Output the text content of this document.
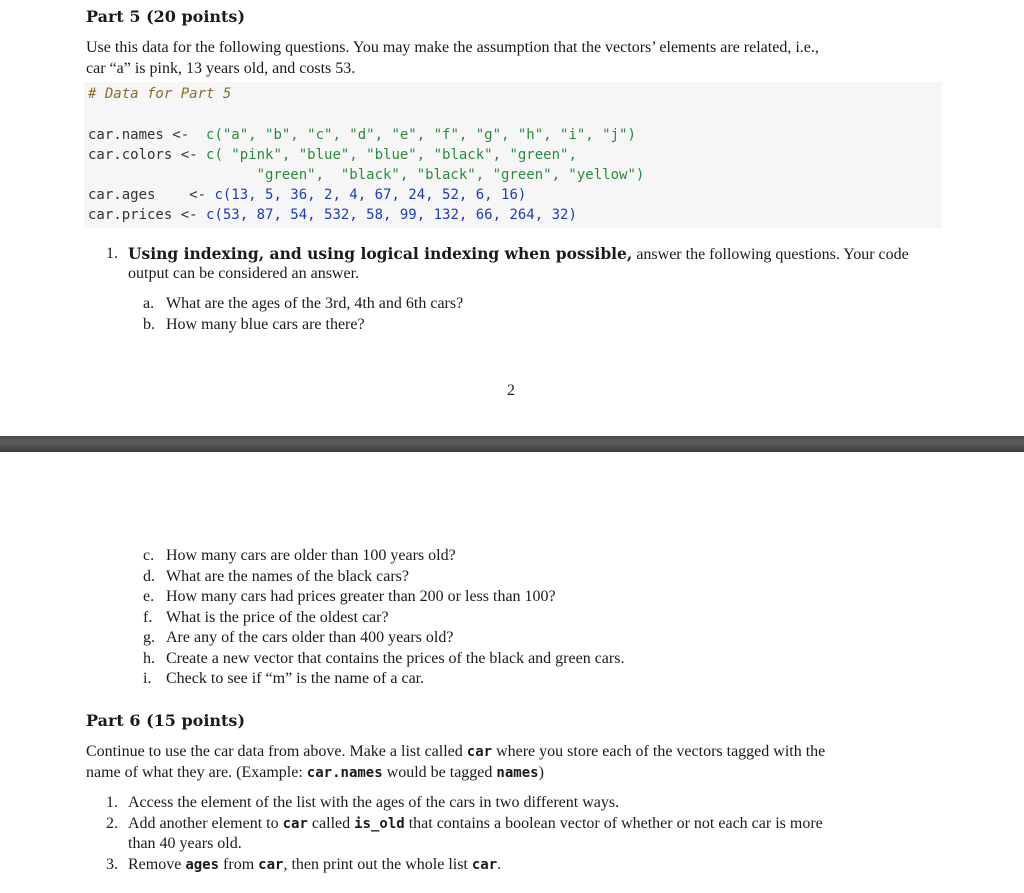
Part 5 (20 points)
Use this data for the following questions. You may make the assumption that the vectors’ elements are related, i.e.,
car “a” is pink, 13 years old, and costs 53.
# Data for Part 5
car.names <-  c("a", "b", "c", "d", "e", "f", "g", "h", "i", "j")
car.colors <- c( "pink", "blue", "blue", "black", "green",
"green",  "black", "black", "green", "yellow")
car.ages    <- c(13, 5, 36, 2, 4, 67, 24, 52, 6, 16)
car.prices <- c(53, 87, 54, 532, 58, 99, 132, 66, 264, 32)
1. Using indexing, and using logical indexing when possible, answer the following questions. Your code
output can be considered an answer.
a. What are the ages of the 3rd, 4th and 6th cars?
b. How many blue cars are there?
2
c. How many cars are older than 100 years old?
d. What are the names of the black cars?
e. How many cars had prices greater than 200 or less than 100?
f. What is the price of the oldest car?
g. Are any of the cars older than 400 years old?
h. Create a new vector that contains the prices of the black and green cars.
i. Check to see if “m” is the name of a car.
Part 6 (15 points)
Continue to use the car data from above. Make a list called car where you store each of the vectors tagged with the
name of what they are. (Example: car.names would be tagged names)
1. Access the element of the list with the ages of the cars in two different ways.
2. Add another element to car called is_old that contains a boolean vector of whether or not each car is more
than 40 years old.
3. Remove ages from car, then print out the whole list car.
